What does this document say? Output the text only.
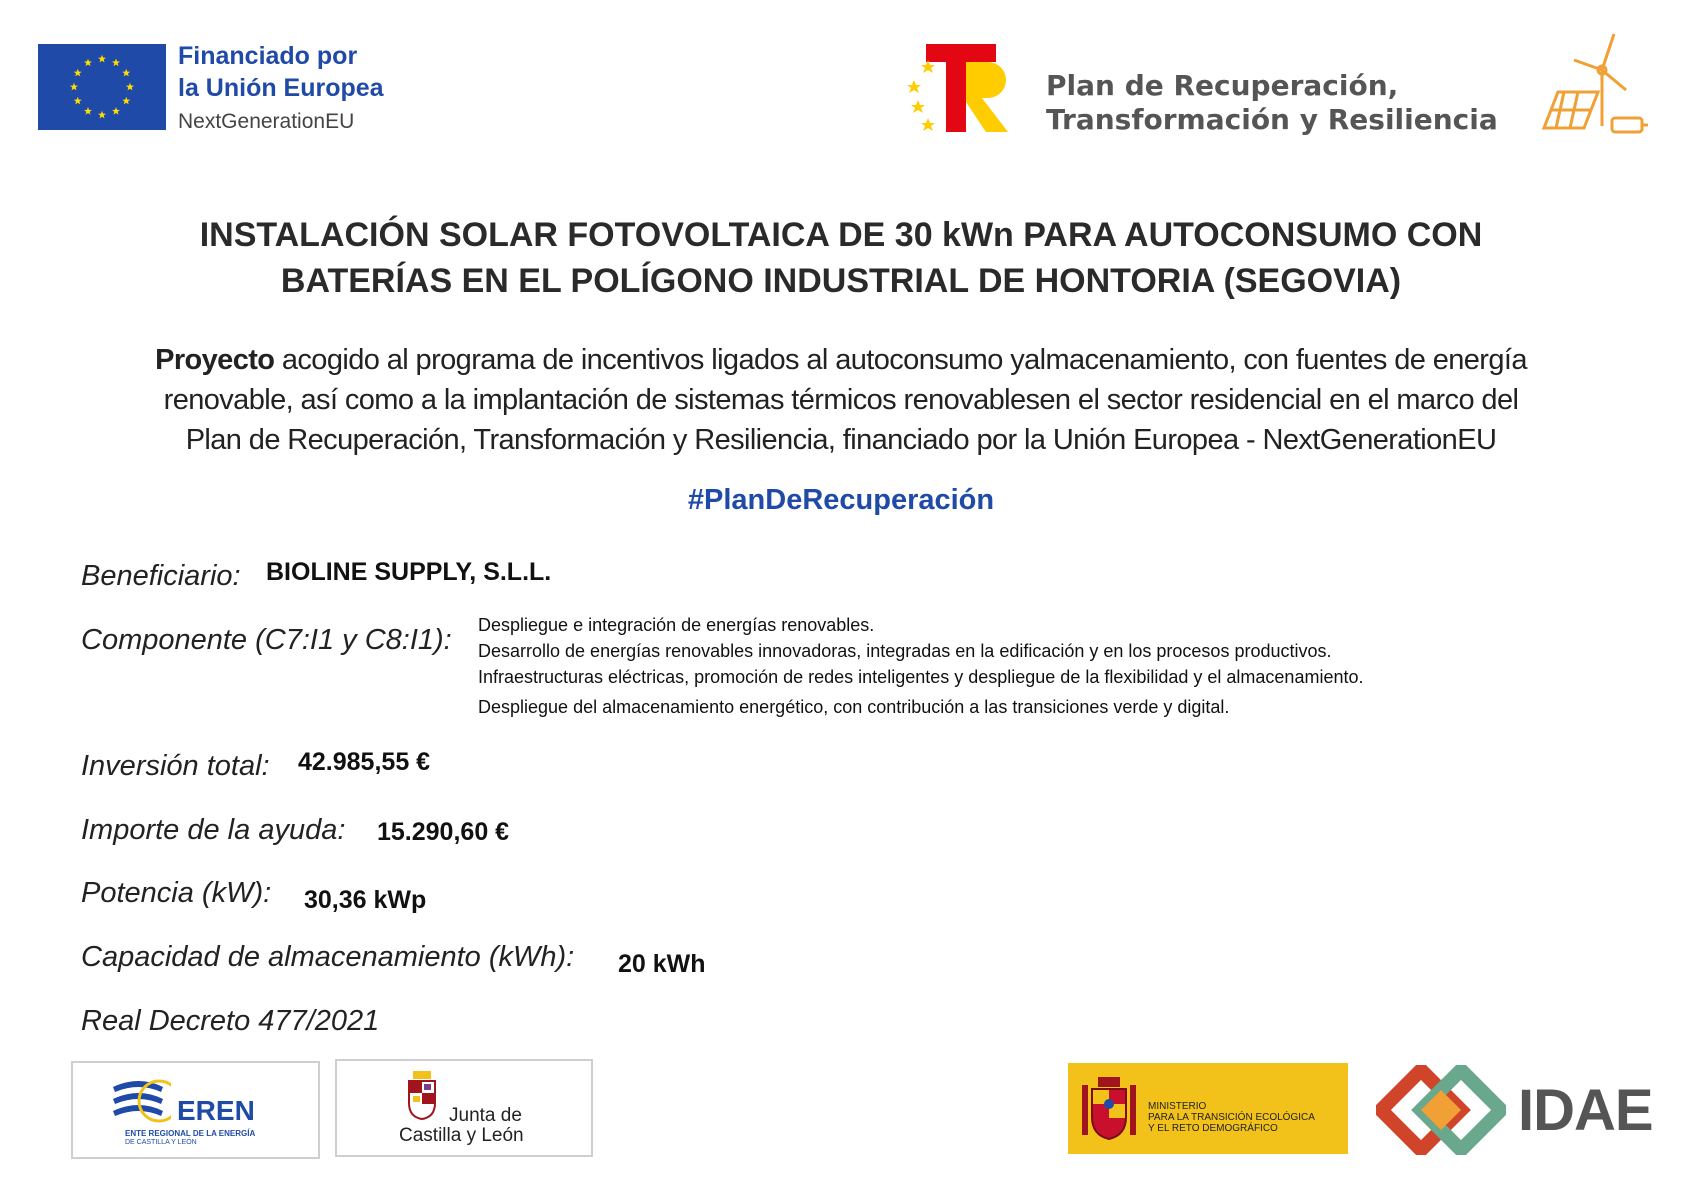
Financiado por
la Unión Europea
NextGenerationEU
Plan de Recuperación,
Transformación y Resiliencia
INSTALACIÓN SOLAR FOTOVOLTAICA DE 30 kWn PARA AUTOCONSUMO CON
BATERÍAS EN EL POLÍGONO INDUSTRIAL DE HONTORIA (SEGOVIA)
Proyecto acogido al programa de incentivos ligados al autoconsumo yalmacenamiento, con fuentes de energía
renovable, así como a la implantación de sistemas térmicos renovablesen el sector residencial en el marco del
Plan de Recuperación, Transformación y Resiliencia, financiado por la Unión Europea - NextGenerationEU
#PlanDeRecuperación
Beneficiario: BIOLINE SUPPLY, S.L.L.
Componente (C7:I1 y C8:I1): Despliegue e integración de energías renovables.
Desarrollo de energías renovables innovadoras, integradas en la edificación y en los procesos productivos.
Infraestructuras eléctricas, promoción de redes inteligentes y despliegue de la flexibilidad y el almacenamiento.
Despliegue del almacenamiento energético, con contribución a las transiciones verde y digital.
Inversión total: 42.985,55 €
Importe de la ayuda: 15.290,60 €
Potencia (kW): 30,36 kWp
Capacidad de almacenamiento (kWh): 20 kWh
Real Decreto 477/2021
EREN
ENTE REGIONAL DE LA ENERGÍA
DE CASTILLA Y LEÓN
Junta de
Castilla y León
MINISTERIO
PARA LA TRANSICIÓN ECOLÓGICA
Y EL RETO DEMOGRÁFICO	IDAE
